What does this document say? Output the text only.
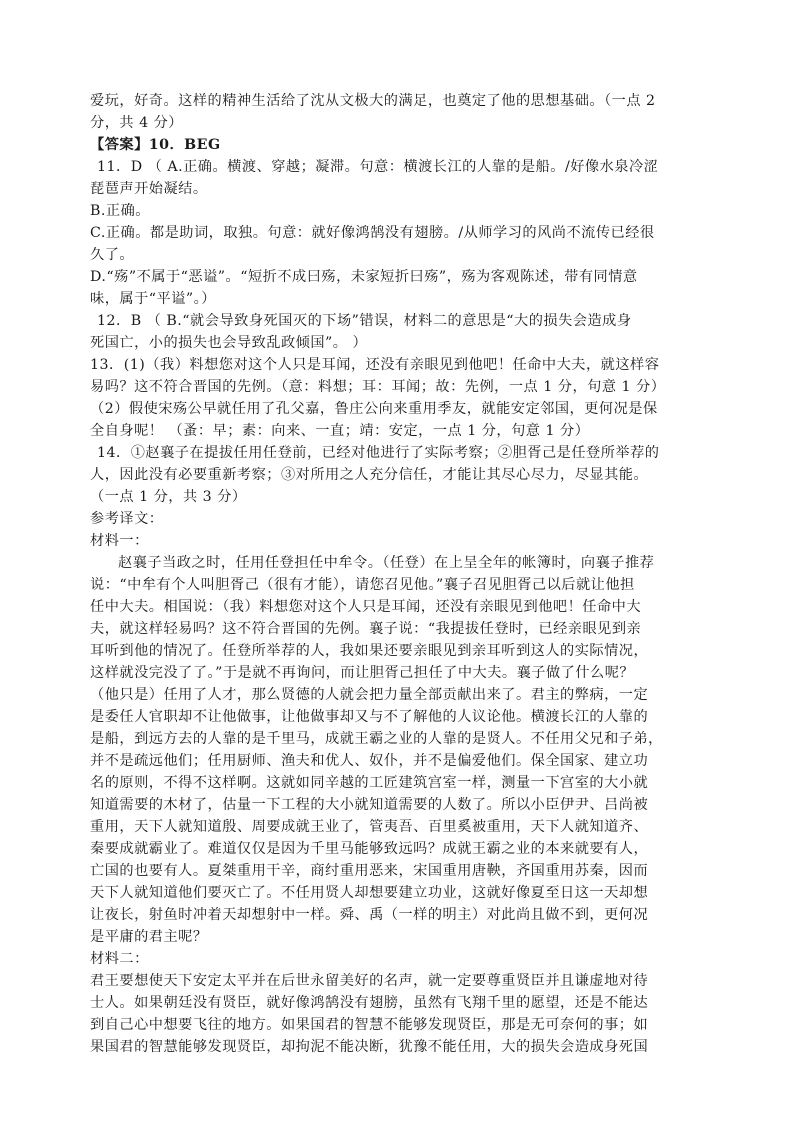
爱玩，好奇。这样的精神生活给了沈从文极大的满足，也奠定了他的思想基础。（一点 2
分，共 4 分）
【答案】10．BEG
11．D （ A.正确。横渡、穿越；凝滞。句意：横渡长江的人靠的是船。/好像水泉冷涩
琵琶声开始凝结。
B.正确。
C.正确。都是助词，取独。句意：就好像鸿鹄没有翅膀。/从师学习的风尚不流传已经很
久了。
D.“殇”不属于“恶谥”。“短折不成曰殇，未家短折曰殇”，殇为客观陈述，带有同情意
味，属于“平谥”。）
12．B （ B.“就会导致身死国灭的下场”错误，材料二的意思是“大的损失会造成身
死国亡，小的损失也会导致乱政倾国”。 ）
13．(1)（我）料想您对这个人只是耳闻，还没有亲眼见到他吧！任命中大夫，就这样容
易吗？这不符合晋国的先例。（意：料想；耳：耳闻；故：先例，一点 1 分，句意 1 分）
（2）假使宋殇公早就任用了孔父嘉，鲁庄公向来重用季友，就能安定邻国，更何况是保
全自身呢！ （蚤：早；素：向来、一直；靖：安定，一点 1 分，句意 1 分）
14．①赵襄子在提拔任用任登前，已经对他进行了实际考察；②胆胥己是任登所举荐的
人，因此没有必要重新考察；③对所用之人充分信任，才能让其尽心尽力，尽显其能。
（一点 1 分，共 3 分）
参考译文：
材料一：
赵襄子当政之时，任用任登担任中牟令。（任登）在上呈全年的帐簿时，向襄子推荐
说：“中牟有个人叫胆胥己（很有才能），请您召见他。”襄子召见胆胥己以后就让他担
任中大夫。相国说：（我）料想您对这个人只是耳闻，还没有亲眼见到他吧！任命中大
夫，就这样轻易吗？这不符合晋国的先例。襄子说：“我提拔任登时，已经亲眼见到亲
耳听到他的情况了。任登所举荐的人，我如果还要亲眼见到亲耳听到这人的实际情况，
这样就没完没了了。”于是就不再询问，而让胆胥己担任了中大夫。襄子做了什么呢？
（他只是）任用了人才，那么贤德的人就会把力量全部贡献出来了。君主的弊病，一定
是委任人官职却不让他做事，让他做事却又与不了解他的人议论他。横渡长江的人靠的
是船，到远方去的人靠的是千里马，成就王霸之业的人靠的是贤人。不任用父兄和子弟，
并不是疏远他们；任用厨师、渔夫和优人、奴仆，并不是偏爱他们。保全国家、建立功
名的原则，不得不这样啊。这就如同辛越的工匠建筑宫室一样，测量一下宫室的大小就
知道需要的木材了，估量一下工程的大小就知道需要的人数了。所以小臣伊尹、吕尚被
重用，天下人就知道殷、周要成就王业了，管夷吾、百里奚被重用，天下人就知道齐、
秦要成就霸业了。难道仅仅是因为千里马能够致远吗？成就王霸之业的本来就要有人，
亡国的也要有人。夏桀重用干辛，商纣重用恶来，宋国重用唐鞅，齐国重用苏秦，因而
天下人就知道他们要灭亡了。不任用贤人却想要建立功业，这就好像夏至日这一天却想
让夜长，射鱼时冲着天却想射中一样。舜、禹（一样的明主）对此尚且做不到，更何况
是平庸的君主呢？
材料二：
君王要想使天下安定太平并在后世永留美好的名声，就一定要尊重贤臣并且谦虚地对待
士人。如果朝廷没有贤臣，就好像鸿鹄没有翅膀，虽然有飞翔千里的愿望，还是不能达
到自己心中想要飞往的地方。如果国君的智慧不能够发现贤臣，那是无可奈何的事；如
果国君的智慧能够发现贤臣，却拘泥不能决断，犹豫不能任用，大的损失会造成身死国
